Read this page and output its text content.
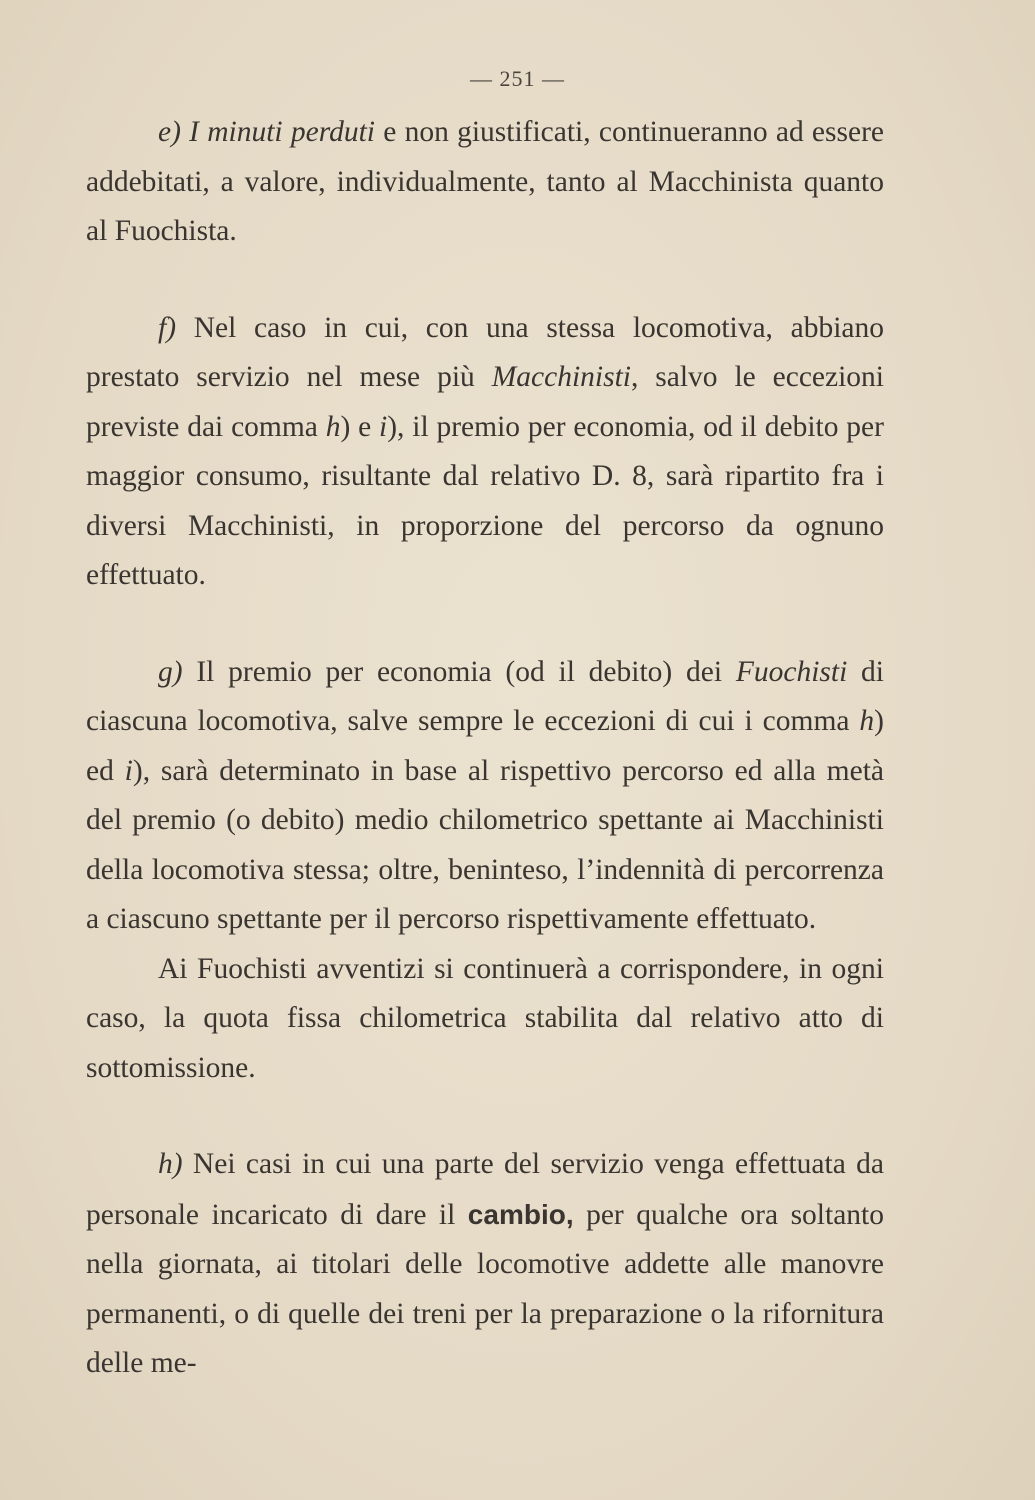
— 251 —

e) I minuti perduti e non giustificati, continueranno ad essere addebitati, a valore, individualmente, tanto al Macchinista quanto al Fuochista.

f) Nel caso in cui, con una stessa locomotiva, abbiano prestato servizio nel mese più Macchinisti, salvo le eccezioni previste dai comma h) e i), il premio per economia, od il debito per maggior consumo, risultante dal relativo D. 8, sarà ripartito fra i diversi Macchinisti, in proporzione del percorso da ognuno effettuato.

g) Il premio per economia (od il debito) dei Fuochisti di ciascuna locomotiva, salve sempre le eccezioni di cui i comma h) ed i), sarà determinato in base al rispettivo percorso ed alla metà del premio (o debito) medio chilometrico spettante ai Macchinisti della locomotiva stessa; oltre, beninteso, l’indennità di percorrenza a ciascuno spettante per il percorso rispettivamente effettuato.

Ai Fuochisti avventizi si continuerà a corrispondere, in ogni caso, la quota fissa chilometrica stabilita dal relativo atto di sottomissione.

h) Nei casi in cui una parte del servizio venga effettuata da personale incaricato di dare il cambio, per qualche ora soltanto nella giornata, ai titolari delle locomotive addette alle manovre permanenti, o di quelle dei treni per la preparazione o la rifornitura delle me-
